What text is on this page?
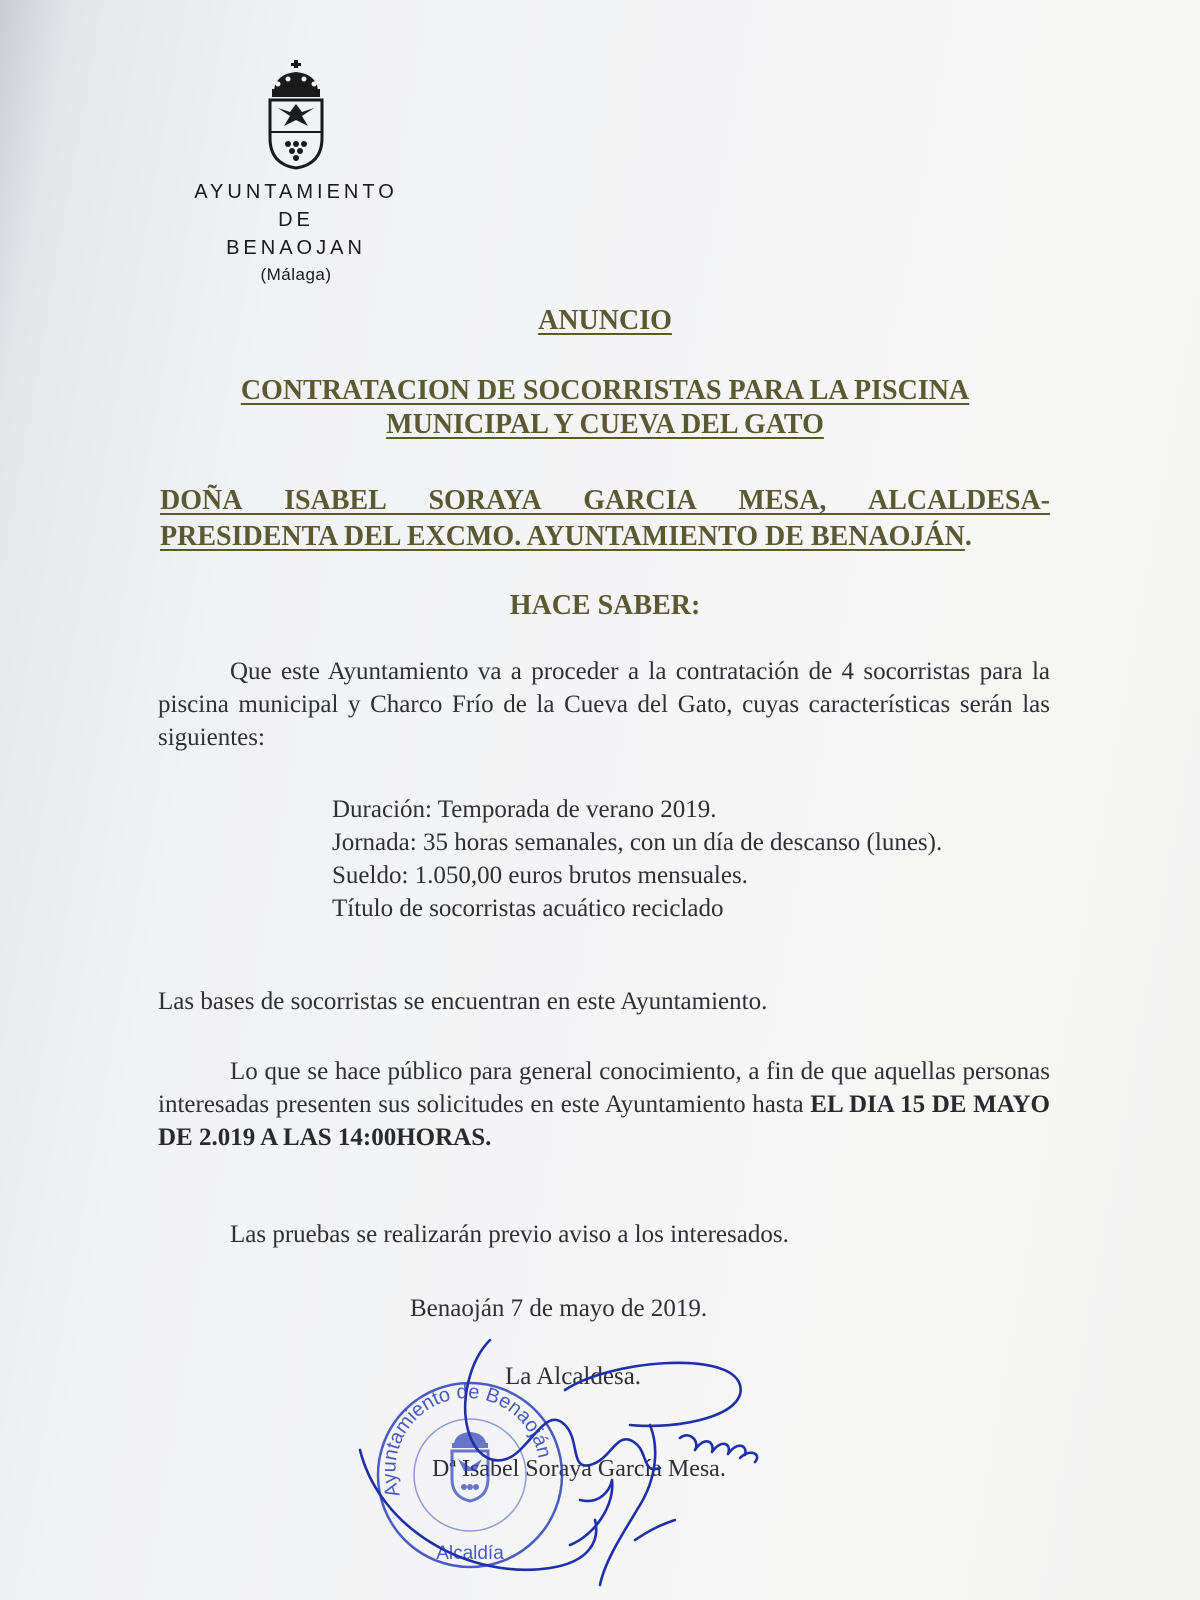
AYUNTAMIENTO
DE
BENAOJAN
(Málaga)
ANUNCIO
CONTRATACION DE SOCORRISTAS PARA LA PISCINA
MUNICIPAL Y CUEVA DEL GATO
DOÑA ISABEL SORAYA GARCIA MESA, ALCALDESA-
PRESIDENTA DEL EXCMO. AYUNTAMIENTO DE BENAOJÁN.
HACE SABER:
Que este Ayuntamiento va a proceder a la contratación de 4 socorristas para la piscina municipal y Charco Frío de la Cueva del Gato, cuyas características serán las siguientes:
Duración: Temporada de verano 2019.
Jornada: 35 horas semanales, con un día de descanso (lunes).
Sueldo: 1.050,00 euros brutos mensuales.
Título de socorristas acuático reciclado
Las bases de socorristas se encuentran en este Ayuntamiento.
Lo que se hace público para general conocimiento, a fin de que aquellas personas interesadas presenten sus solicitudes en este Ayuntamiento hasta EL DIA 15 DE MAYO DE 2.019 A LAS 14:00HORAS.
Las pruebas se realizarán previo aviso a los interesados.
Benaoján 7 de mayo de 2019.
La Alcaldesa.
Dª Isabel Soraya García Mesa.
Ayuntamiento de Benaoján
Alcaldía
